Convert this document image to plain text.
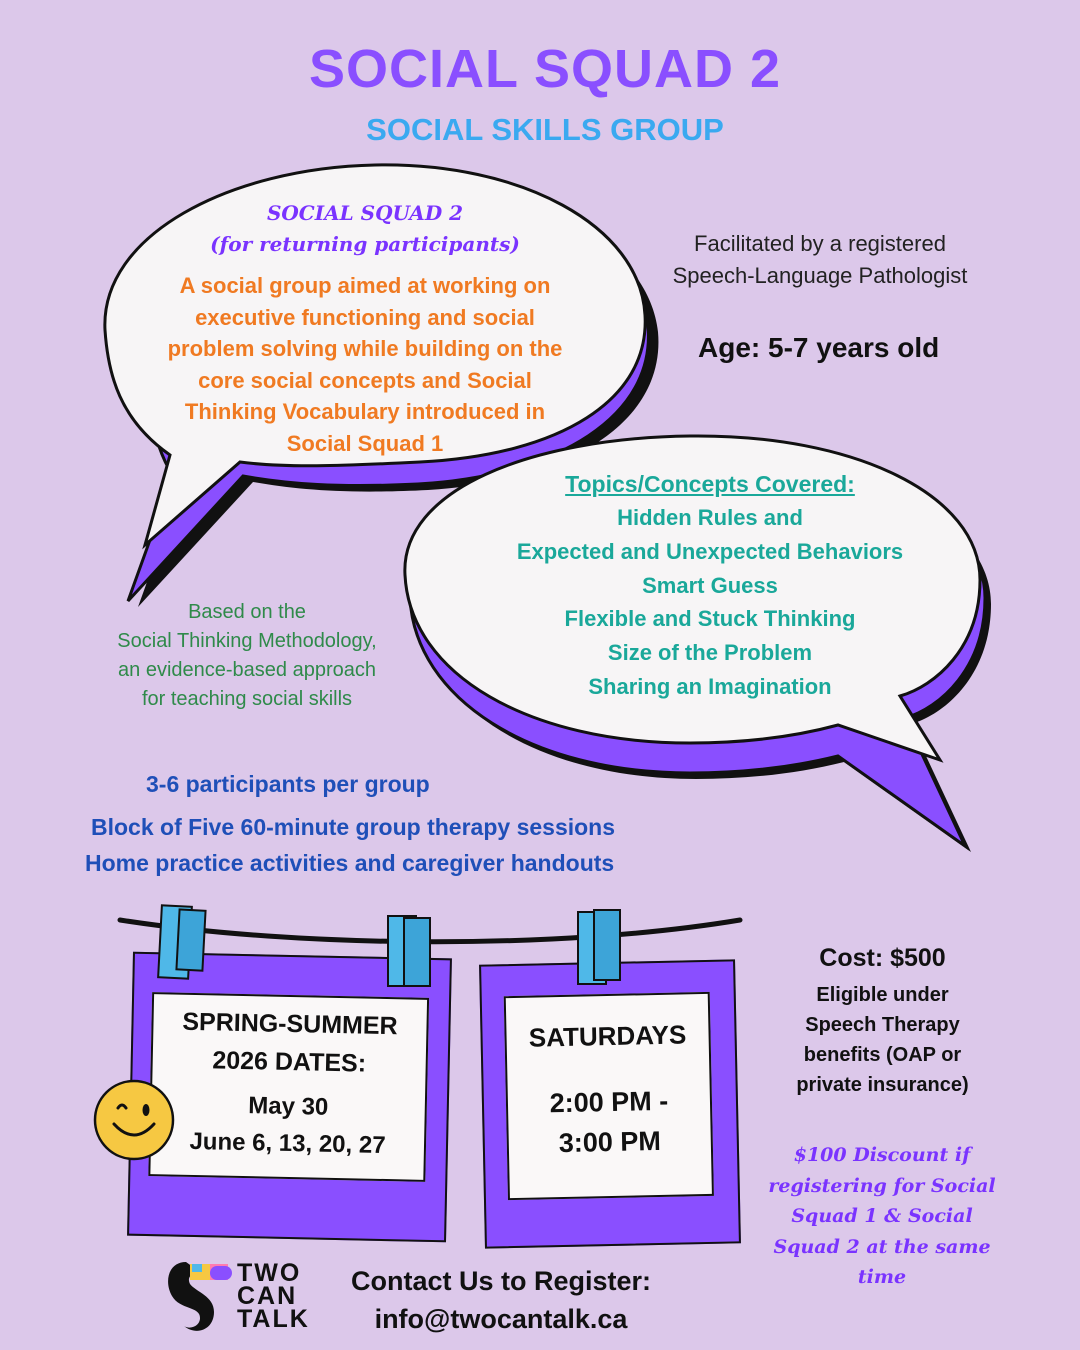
SOCIAL SQUAD 2
SOCIAL SKILLS GROUP
SOCIAL SQUAD 2
(for returning participants)
A social group aimed at working on
executive functioning and social
problem solving while building on the
core social concepts and Social
Thinking Vocabulary introduced in
Social Squad 1
Topics/Concepts Covered:
Hidden Rules and
Expected and Unexpected Behaviors
Smart Guess
Flexible and Stuck Thinking
Size of the Problem
Sharing an Imagination
Facilitated by a registered
Speech-Language Pathologist
Age: 5-7 years old
Based on the
Social Thinking Methodology,
an evidence-based approach
for teaching social skills
3-6 participants per group
Block of Five 60-minute group therapy sessions
Home practice activities and caregiver handouts
SPRING-SUMMER
2026 DATES:
May 30
June 6, 13, 20, 27
SATURDAYS
2:00 PM -
3:00 PM
TWO
CAN
TALK
Cost: $500
Eligible under
Speech Therapy
benefits (OAP or
private insurance)
$100 Discount if
registering for Social
Squad 1 & Social
Squad 2 at the same
time
Contact Us to Register:
info@twocantalk.ca
